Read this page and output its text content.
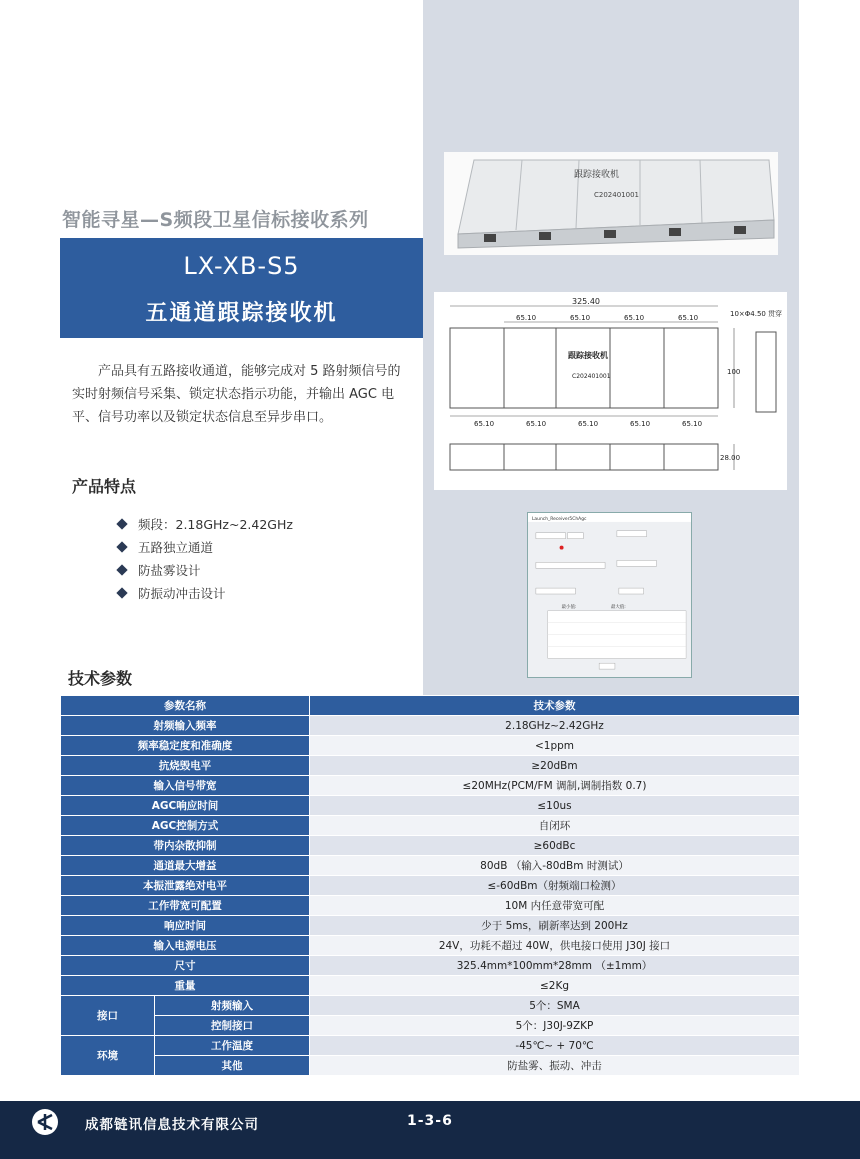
智能寻星—S频段卫星信标接收系列
LX-XB-S5
五通道跟踪接收机

产品具有五路接收通道，能够完成对 5 路射频信号的实时射频信号采集、锁定状态指示功能，并输出 AGC 电平、信号功率以及锁定状态信息至异步串口。

产品特点
频段：2.18GHz~2.42GHz
五路独立通道
防盐雾设计
防振动冲击设计
技术参数
跟踪接收机
C202401001
325.40
65.10	65.10	65.10	65.10	10×Φ4.50 贯穿
跟踪接收机
C202401001
100
65.10	65.10	65.10	65.10	65.10
28.00
Launch_Receiver5ChAgc
最小值:	最大值:
参数名称		技术参数
射频输入频率		2.18GHz~2.42GHz
频率稳定度和准确度		<1ppm
抗烧毁电平		≥20dBm
输入信号带宽		≤20MHz(PCM/FM 调制,调制指数 0.7)
AGC响应时间		≤10us
AGC控制方式		自闭环
带内杂散抑制		≥60dBc
通道最大增益		80dB （输入-80dBm 时测试）
本振泄露绝对电平		≤-60dBm（射频端口检测）
工作带宽可配置		10M 内任意带宽可配
响应时间		少于 5ms，刷新率达到 200Hz
输入电源电压		24V，功耗不超过 40W，供电接口使用 J30J 接口
尺寸		325.4mm*100mm*28mm （±1mm）
重量		≤2Kg
接口	射频输入	5个：SMA
	控制接口	5个：J30J-9ZKP
环境	工作温度	-45℃~ + 70℃
	其他	防盐雾、振动、冲击
成都链讯信息技术有限公司	1-3-6
